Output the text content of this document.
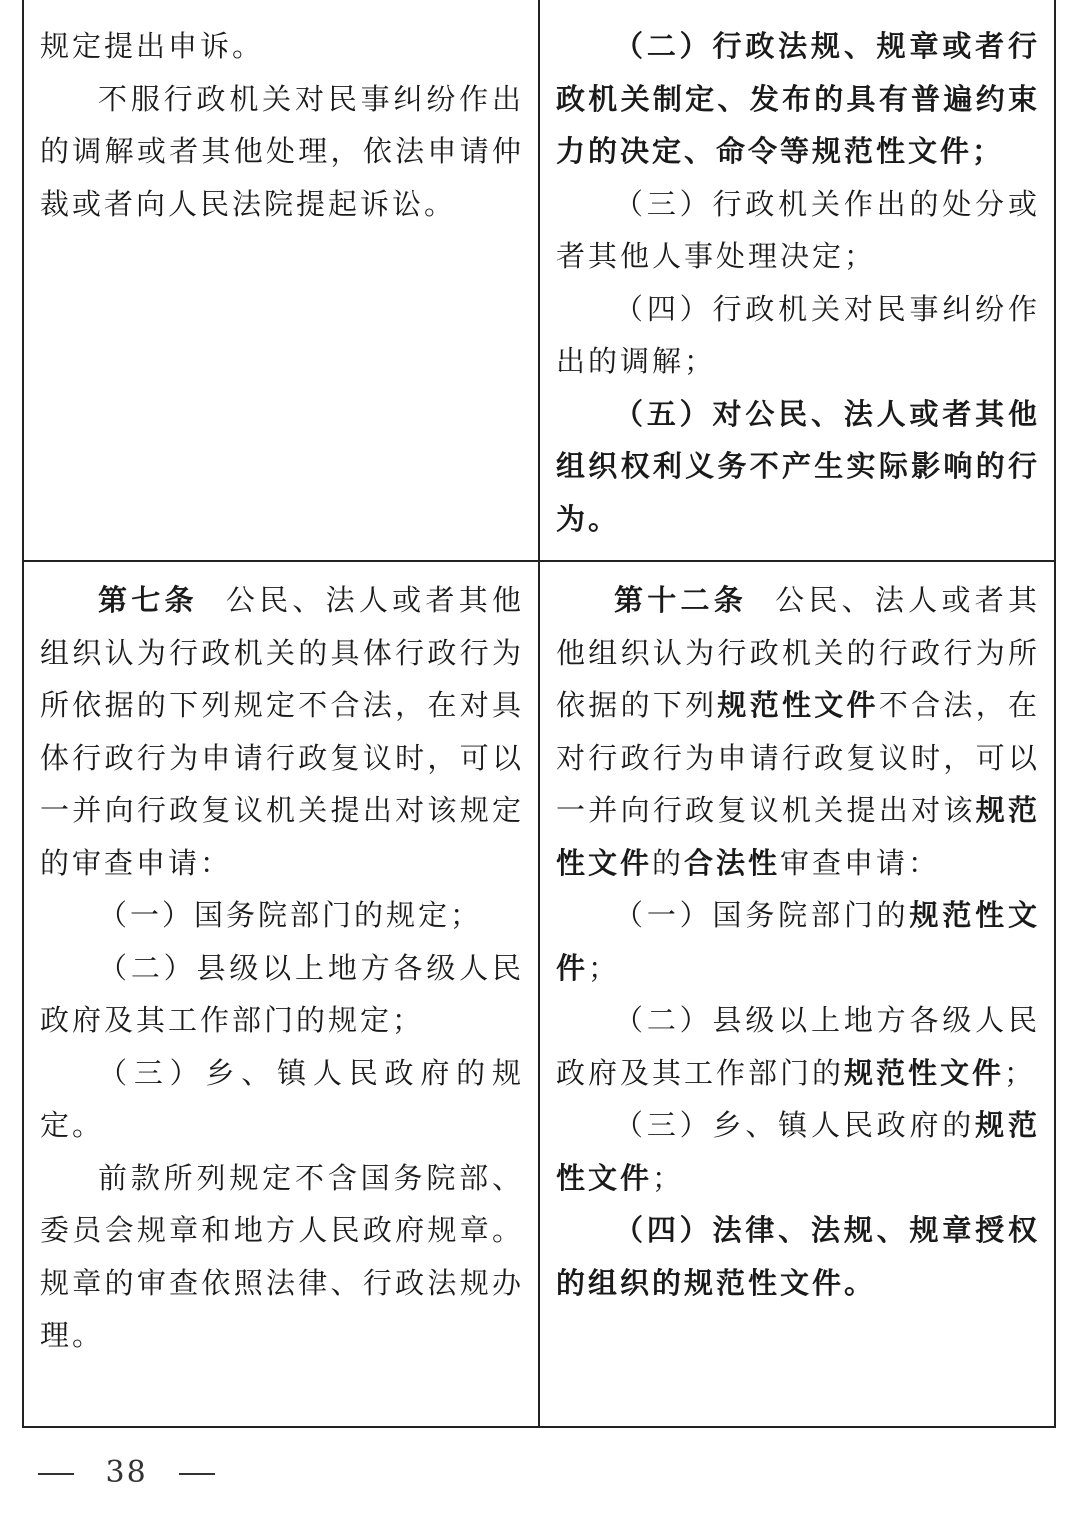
规定提出申诉。

不服行政机关对民事纠纷作出的调解或者其他处理，依法申请仲裁或者向人民法院提起诉讼。

（二）行政法规、规章或者行政机关制定、发布的具有普遍约束力的决定、命令等规范性文件；

（三）行政机关作出的处分或者其他人事处理决定；

（四）行政机关对民事纠纷作出的调解；

（五）对公民、法人或者其他组织权利义务不产生实际影响的行为。

第七条 公民、法人或者其他组织认为行政机关的具体行政行为所依据的下列规定不合法，在对具体行政行为申请行政复议时，可以一并向行政复议机关提出对该规定的审查申请：

（一）国务院部门的规定；

（二）县级以上地方各级人民政府及其工作部门的规定；

（三）乡、镇人民政府的规定。

前款所列规定不含国务院部、委员会规章和地方人民政府规章。规章的审查依照法律、行政法规办理。

第十二条 公民、法人或者其他组织认为行政机关的行政行为所依据的下列规范性文件不合法，在对行政行为申请行政复议时，可以一并向行政复议机关提出对该规范性文件的合法性审查申请：

（一）国务院部门的规范性文件；

（二）县级以上地方各级人民政府及其工作部门的规范性文件；

（三）乡、镇人民政府的规范性文件；

（四）法律、法规、规章授权的组织的规范性文件。

38
